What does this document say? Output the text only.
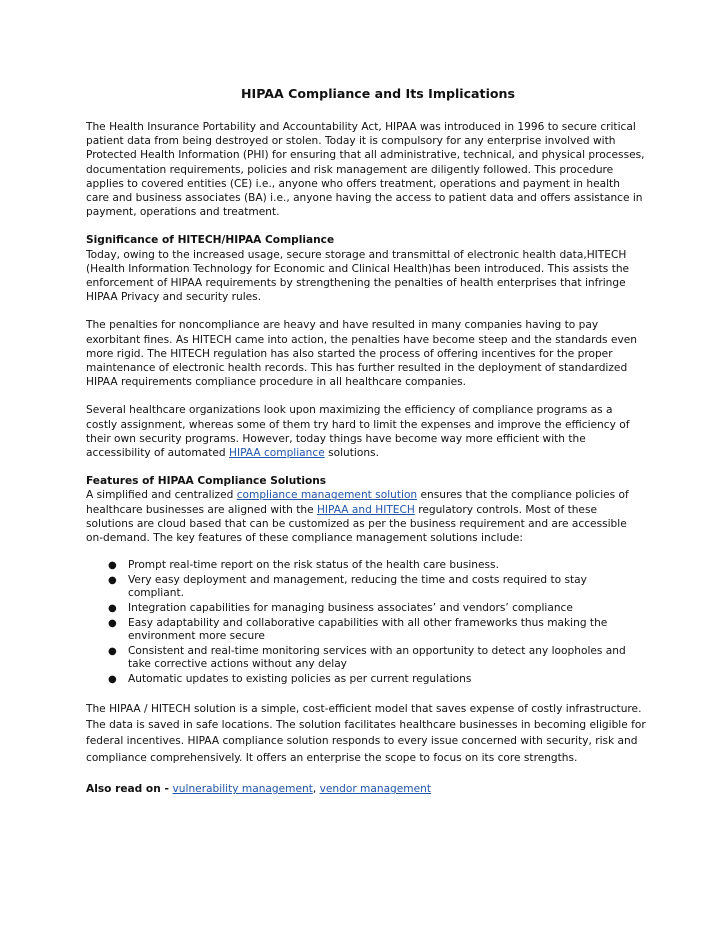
HIPAA Compliance and Its Implications

The Health Insurance Portability and Accountability Act, HIPAA was introduced in 1996 to secure critical patient data from being destroyed or stolen. Today it is compulsory for any enterprise involved with Protected Health Information (PHI) for ensuring that all administrative, technical, and physical processes, documentation requirements, policies and risk management are diligently followed. This procedure applies to covered entities (CE) i.e., anyone who offers treatment, operations and payment in health care and business associates (BA) i.e., anyone having the access to patient data and offers assistance in payment, operations and treatment.

Significance of HITECH/HIPAA Compliance
Today, owing to the increased usage, secure storage and transmittal of electronic health data,HITECH (Health Information Technology for Economic and Clinical Health)has been introduced. This assists the enforcement of HIPAA requirements by strengthening the penalties of health enterprises that infringe HIPAA Privacy and security rules.

The penalties for noncompliance are heavy and have resulted in many companies having to pay exorbitant fines. As HITECH came into action, the penalties have become steep and the standards even more rigid. The HITECH regulation has also started the process of offering incentives for the proper maintenance of electronic health records. This has further resulted in the deployment of standardized HIPAA requirements compliance procedure in all healthcare companies.

Several healthcare organizations look upon maximizing the efficiency of compliance programs as a costly assignment, whereas some of them try hard to limit the expenses and improve the efficiency of their own security programs. However, today things have become way more efficient with the accessibility of automated HIPAA compliance solutions.

Features of HIPAA Compliance Solutions
A simplified and centralized compliance management solution ensures that the compliance policies of healthcare businesses are aligned with the HIPAA and HITECH regulatory controls. Most of these solutions are cloud based that can be customized as per the business requirement and are accessible on-demand. The key features of these compliance management solutions include:

● Prompt real-time report on the risk status of the health care business.
● Very easy deployment and management, reducing the time and costs required to stay compliant.
● Integration capabilities for managing business associates’ and vendors’ compliance
● Easy adaptability and collaborative capabilities with all other frameworks thus making the environment more secure
● Consistent and real-time monitoring services with an opportunity to detect any loopholes and take corrective actions without any delay
● Automatic updates to existing policies as per current regulations

The HIPAA / HITECH solution is a simple, cost-efficient model that saves expense of costly infrastructure. The data is saved in safe locations. The solution facilitates healthcare businesses in becoming eligible for federal incentives. HIPAA compliance solution responds to every issue concerned with security, risk and compliance comprehensively. It offers an enterprise the scope to focus on its core strengths.

Also read on - vulnerability management, vendor management
